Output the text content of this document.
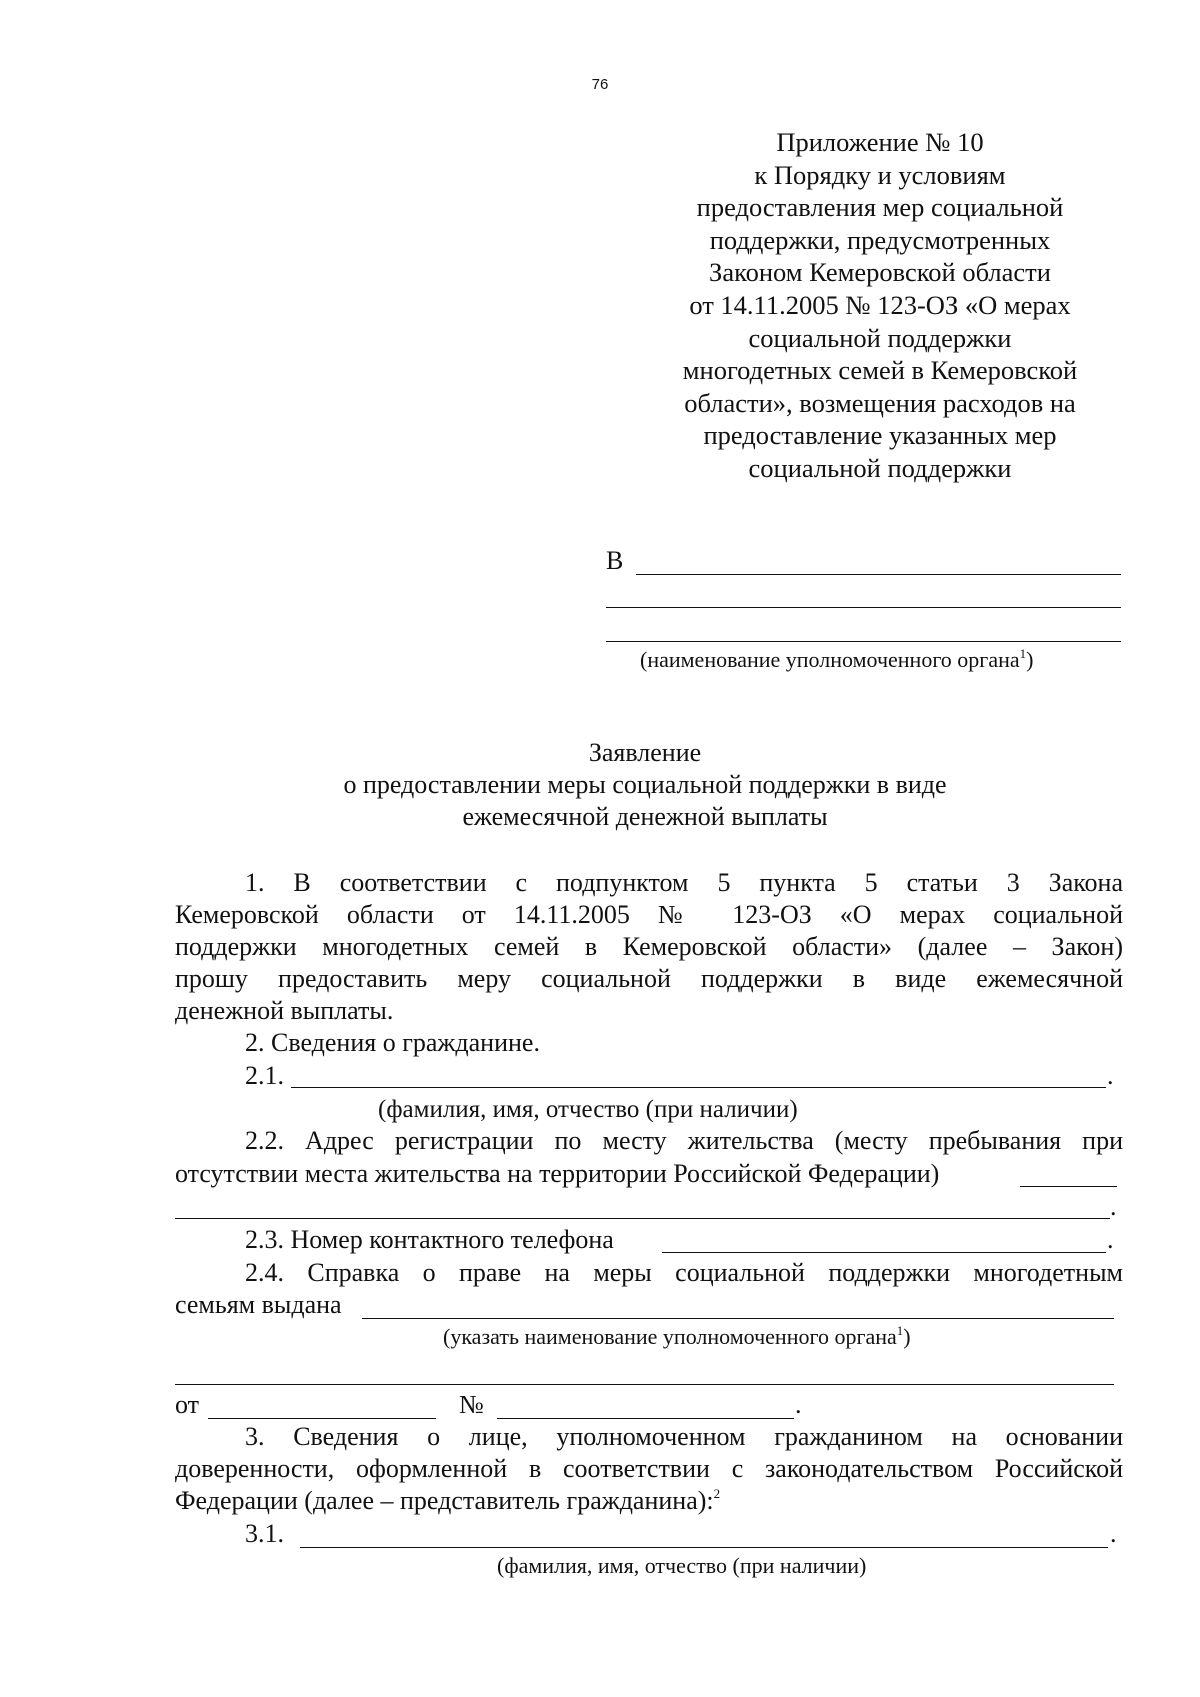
76
Приложение № 10
к Порядку и условиям
предоставления мер социальной
поддержки, предусмотренных
Законом Кемеровской области
от 14.11.2005 № 123-ОЗ «О мерах
социальной поддержки
многодетных семей в Кемеровской
области», возмещения расходов на
предоставление указанных мер
социальной поддержки
В
(наименование уполномоченного органа$^1$)
Заявление
о предоставлении меры социальной поддержки в виде
ежемесячной денежной выплаты
1. В соответствии с подпунктом 5 пункта 5 статьи 3 Закона
Кемеровской области от 14.11.2005 № 123-ОЗ «О мерах социальной
поддержки многодетных семей в Кемеровской области» (далее – Закон)
прошу предоставить меру социальной поддержки в виде ежемесячной
денежной выплаты.
2. Сведения о гражданине.
2.1.	.
(фамилия, имя, отчество (при наличии)
2.2. Адрес регистрации по месту жительства (месту пребывания при
отсутствии места жительства на территории Российской Федерации)
.
2.3. Номер контактного телефона	.
2.4. Справка о праве на меры социальной поддержки многодетным
семьям выдана
(указать наименование уполномоченного органа$^1$)
от	№	.
3. Сведения о лице, уполномоченном гражданином на основании
доверенности, оформленной в соответствии с законодательством Российской
Федерации (далее – представитель гражданина):$^2$
3.1.	.
(фамилия, имя, отчество (при наличии)
